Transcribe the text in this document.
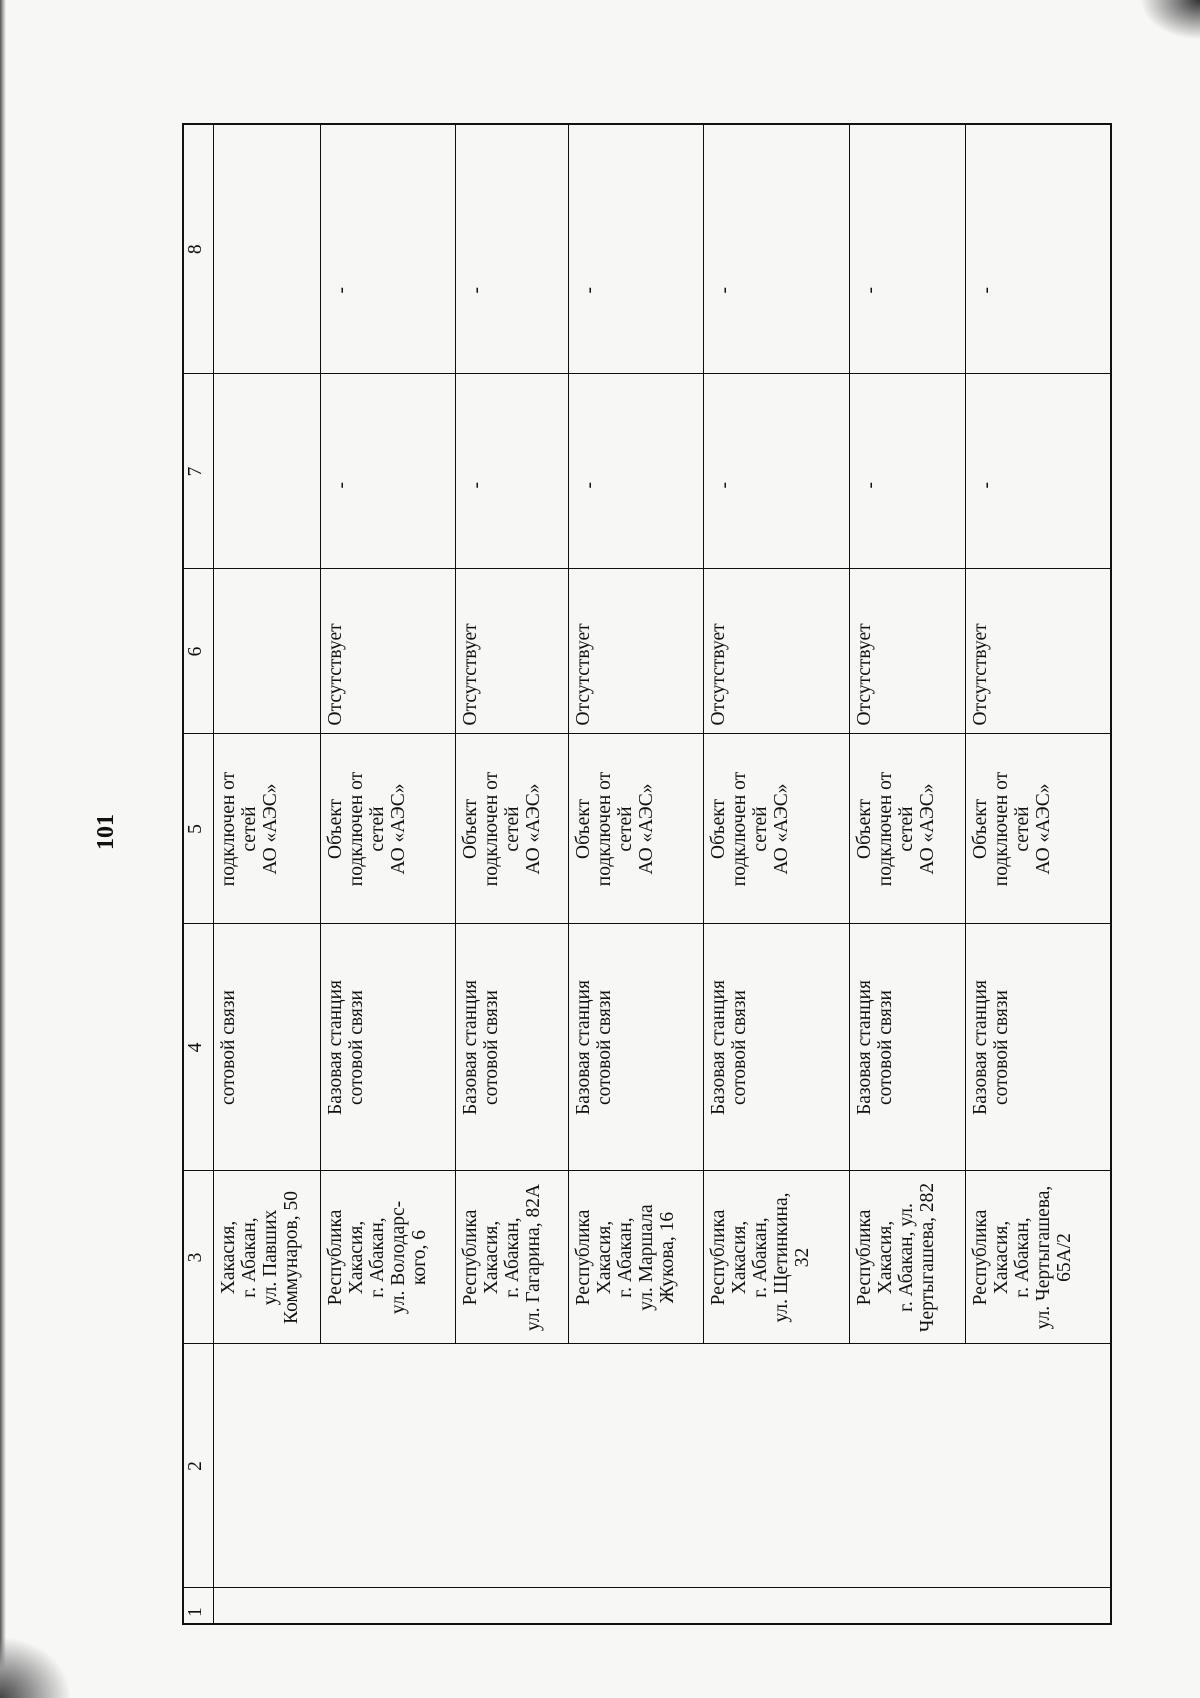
101
1	2	3	4	5	6	7	8
		Хакасия,
г. Абакан,
ул. Павших
Коммунаров, 50	сотовой связи	подключен от
сетей
АО «АЭС»			
		Республика
Хакасия,
г. Абакан,
ул. Володарс-
кого, 6	Базовая станция
сотовой связи	Объект
подключен от
сетей
АО «АЭС»	Отсутствует	-	-
		Республика
Хакасия,
г. Абакан,
ул. Гагарина, 82А	Базовая станция
сотовой связи	Объект
подключен от
сетей
АО «АЭС»	Отсутствует	-	-
		Республика
Хакасия,
г. Абакан,
ул. Маршала
Жукова, 16	Базовая станция
сотовой связи	Объект
подключен от
сетей
АО «АЭС»	Отсутствует	-	-
		Республика
Хакасия,
г. Абакан,
ул. Щетинкина,
32	Базовая станция
сотовой связи	Объект
подключен от
сетей
АО «АЭС»	Отсутствует	-	-
		Республика
Хакасия,
г. Абакан, ул.
Чертыгашева, 282	Базовая станция
сотовой связи	Объект
подключен от
сетей
АО «АЭС»	Отсутствует	-	-
		Республика
Хакасия,
г. Абакан,
ул. Чертыгашева,
65А/2	Базовая станция
сотовой связи	Объект
подключен от
сетей
АО «АЭС»	Отсутствует	-	-
